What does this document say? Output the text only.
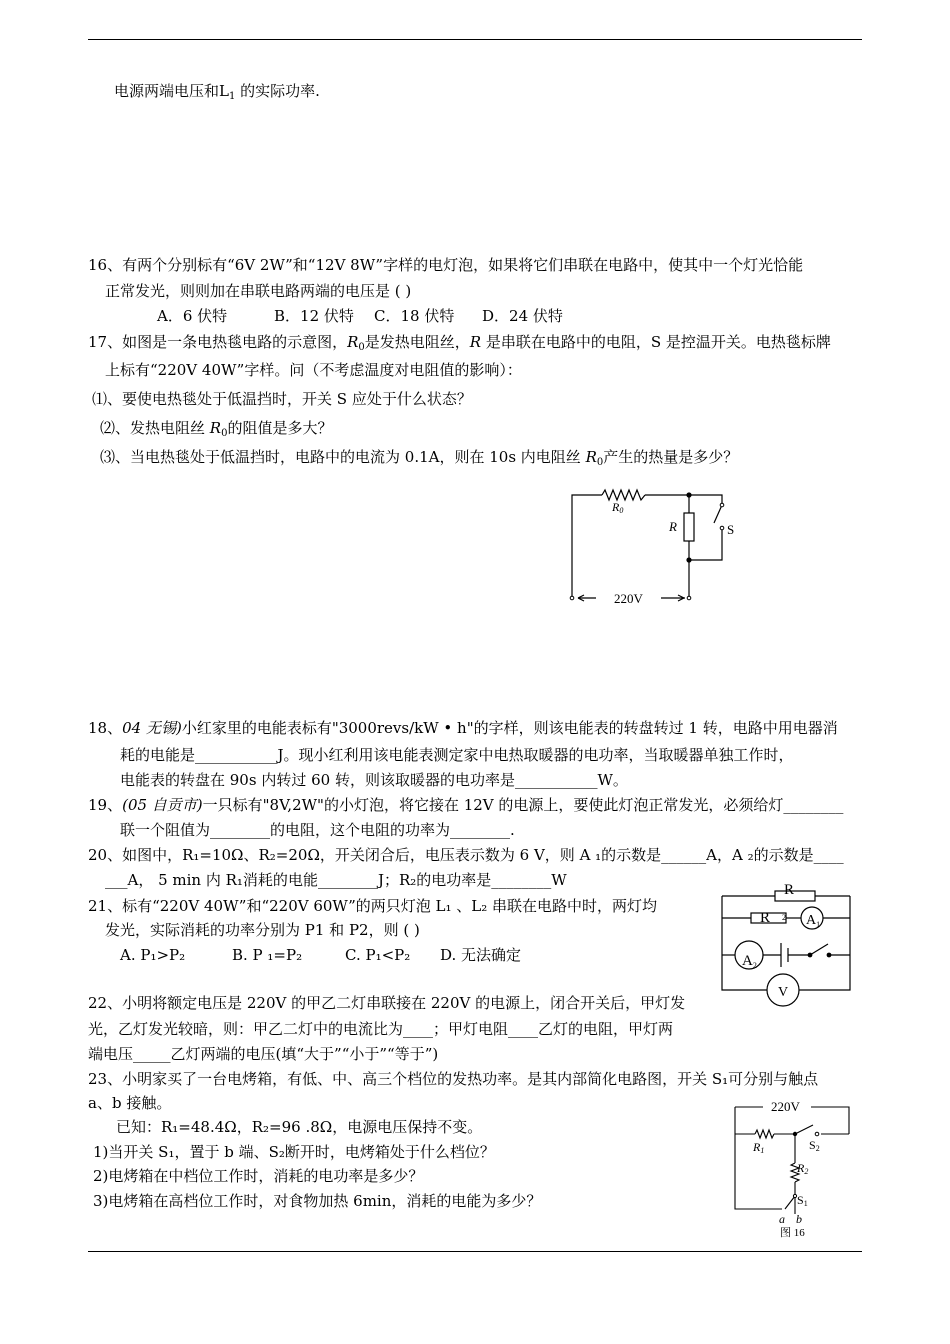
电源两端电压和$L_1$ 的实际功率.
16、有两个分别标有“6V 2W”和“12V 8W”字样的电灯泡，如果将它们串联在电路中，使其中一个灯光恰能
正常发光，则则加在串联电路两端的电压是 ( )
A．6 伏特	B．12 伏特 C．18 伏特 D．24 伏特
17、如图是一条电热毯电路的示意图，$R_0$是发热电阻丝，R 是串联在电路中的电阻，S 是控温开关。电热毯标牌
上标有“220V 40W”字样。问（不考虑温度对电阻值的影响）：
⑴、要使电热毯处于低温挡时，开关 S 应处于什么状态？
⑵、发热电阻丝 $R_0$的阻值是多大？
⑶、当电热毯处于低温挡时，电路中的电流为 0.1A，则在 10s 内电阻丝 $R_0$产生的热量是多少？
R0
R	S
220V
18、04 无锡)小红家里的电能表标有"3000revs/kW • h"的字样，则该电能表的转盘转过 1 转，电路中用电器消
耗的电能是___________J。现小红利用该电能表测定家中电热取暖器的电功率，当取暖器单独工作时，
电能表的转盘在 90s 内转过 60 转，则该取暖器的电功率是___________W。
19、(05 自贡市)一只标有"8V,2W"的小灯泡，将它接在 12V 的电源上，要使此灯泡正常发光，必须给灯________
联一个阻值为________的电阻，这个电阻的功率为________.
20、如图中，R₁=10Ω、R₂=20Ω，开关闭合后，电压表示数为 6 V，则 A ₁的示数是______A，A ₂的示数是____
___A， 5 min 内 R₁消耗的电能________J；R₂的电功率是________W
21、标有“220V 40W”和“220V 60W”的两只灯泡 L₁ 、L₂ 串联在电路中时，两灯均
发光，实际消耗的功率分别为 P1 和 P2，则 ( )
A. P₁>P₂	B. P ₁=P₂	C. P₁<P₂ D. 无法确定
R
R 2 $A_1$
$A_2$
V
22、小明将额定电压是 220V 的甲乙二灯串联接在 220V 的电源上，闭合开关后，甲灯发
光，乙灯发光较暗，则：甲乙二灯中的电流比为____；甲灯电阻____乙灯的电阻，甲灯两
端电压_____乙灯两端的电压(填“大于”“小于”“等于”)
23、小明家买了一台电烤箱，有低、中、高三个档位的发热功率。是其内部简化电路图，开关 S₁可分别与触点
a、b 接触。
已知：R₁=48.4Ω，R₂=96 .8Ω，电源电压保持不变。
1)当开关 S₁，置于 b 端、S₂断开时，电烤箱处于什么档位？
2)电烤箱在中档位工作时，消耗的电功率是多少？
3)电烤箱在高档位工作时，对食物加热 6min，消耗的电能为多少？
220V
R1
R2
S2
S1
a b
图 16
